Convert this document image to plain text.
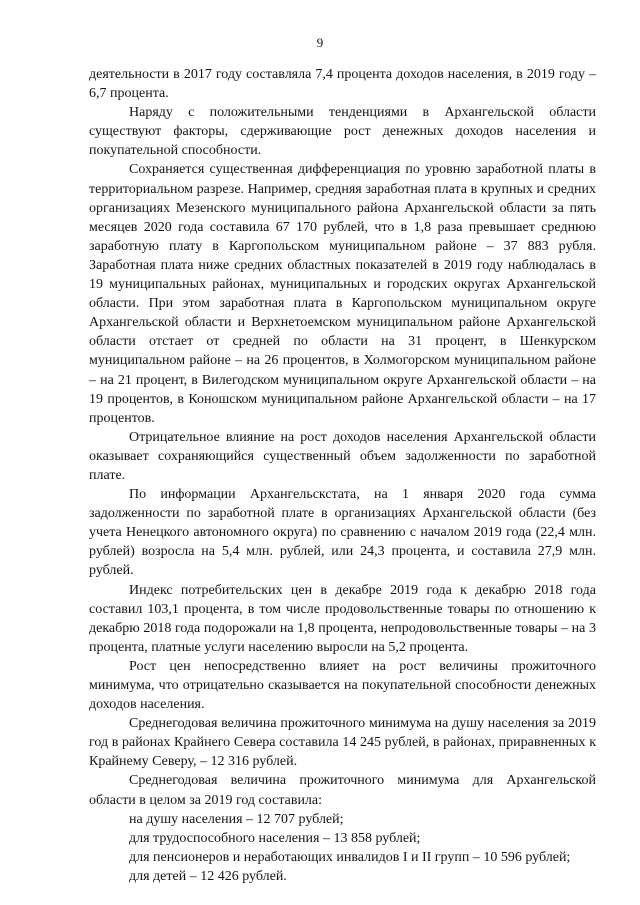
9

деятельности в 2017 году составляла 7,4 процента доходов населения, в 2019 году – 6,7 процента.

Наряду с положительными тенденциями в Архангельской области существуют факторы, сдерживающие рост денежных доходов населения и покупательной способности.

Сохраняется существенная дифференциация по уровню заработной платы в территориальном разрезе. Например, средняя заработная плата в крупных и средних организациях Мезенского муниципального района Архангельской области за пять месяцев 2020 года составила 67 170 рублей, что в 1,8 раза превышает среднюю заработную плату в Каргопольском муниципальном районе – 37 883 рубля. Заработная плата ниже средних областных показателей в 2019 году наблюдалась в 19 муниципальных районах, муниципальных и городских округах Архангельской области. При этом заработная плата в Каргопольском муниципальном округе Архангельской области и Верхнетоемском муниципальном районе Архангельской области отстает от средней по области на 31 процент, в Шенкурском муниципальном районе – на 26 процентов, в Холмогорском муниципальном районе – на 21 процент, в Вилегодском муниципальном округе Архангельской области – на 19 процентов, в Коношском муниципальном районе Архангельской области – на 17 процентов.

Отрицательное влияние на рост доходов населения Архангельской области оказывает сохраняющийся существенный объем задолженности по заработной плате.

По информации Архангельскстата, на 1 января 2020 года сумма задолженности по заработной плате в организациях Архангельской области (без учета Ненецкого автономного округа) по сравнению с началом 2019 года (22,4 млн. рублей) возросла на 5,4 млн. рублей, или 24,3 процента, и составила 27,9 млн. рублей.

Индекс потребительских цен в декабре 2019 года к декабрю 2018 года составил 103,1 процента, в том числе продовольственные товары по отношению к декабрю 2018 года подорожали на 1,8 процента, непродовольственные товары – на 3 процента, платные услуги населению выросли на 5,2 процента.

Рост цен непосредственно влияет на рост величины прожиточного минимума, что отрицательно сказывается на покупательной способности денежных доходов населения.

Среднегодовая величина прожиточного минимума на душу населения за 2019 год в районах Крайнего Севера составила 14 245 рублей, в районах, приравненных к Крайнему Северу, – 12 316 рублей.

Среднегодовая величина прожиточного минимума для Архангельской области в целом за 2019 год составила:

на душу населения – 12 707 рублей;

для трудоспособного населения – 13 858 рублей;

для пенсионеров и неработающих инвалидов I и II групп – 10 596 рублей;

для детей – 12 426 рублей.
